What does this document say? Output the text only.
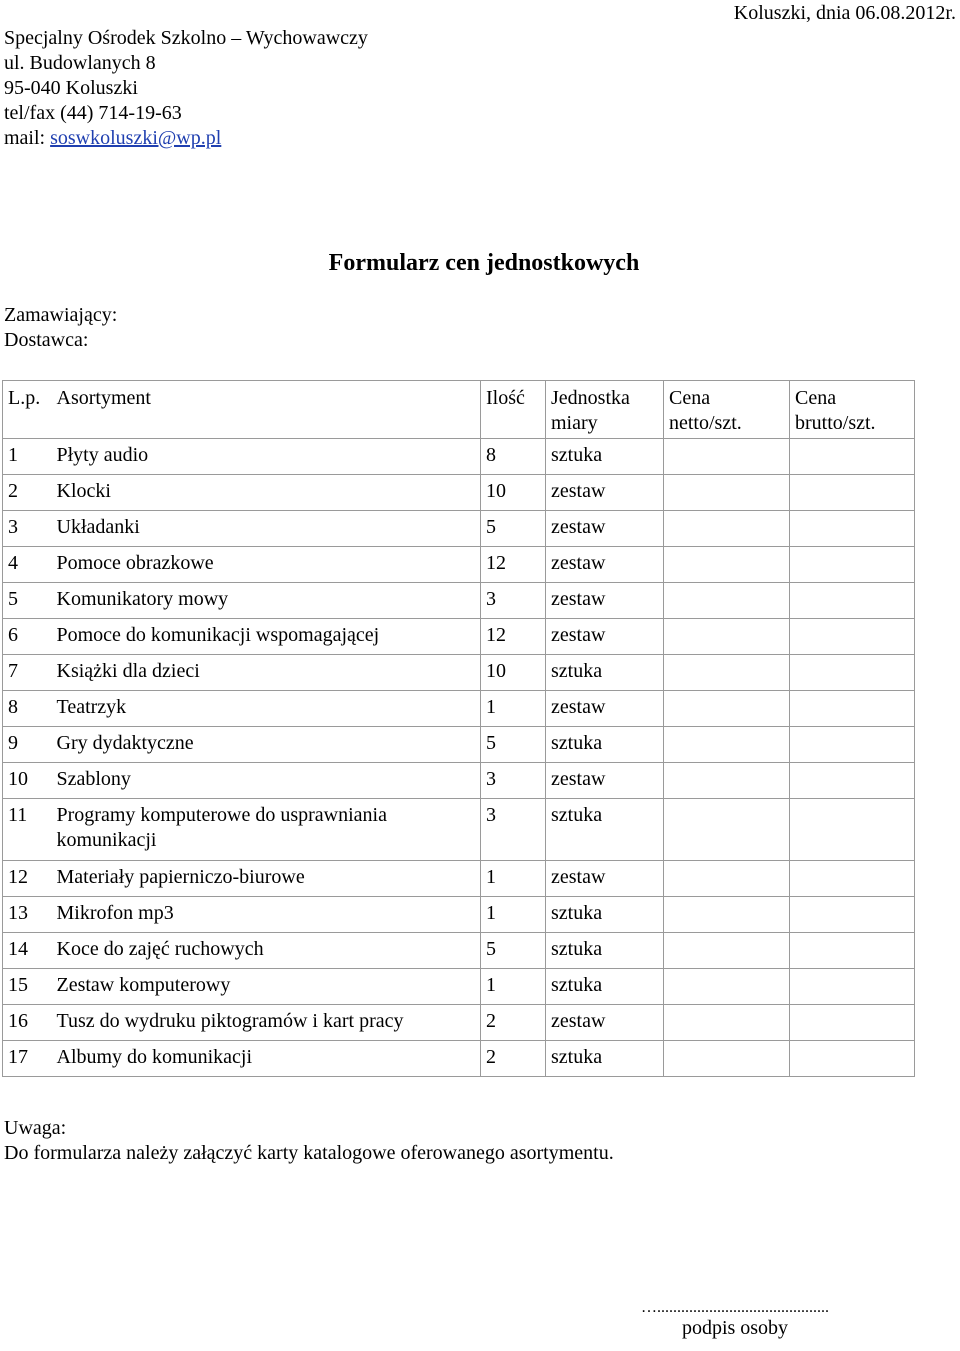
Specjalny Ośrodek Szkolno – Wychowawczy
ul. Budowlanych 8
95-040 Koluszki
tel/fax (44) 714-19-63
mail: soswkoluszki@wp.pl
Koluszki, dnia 06.08.2012r.
Formularz cen jednostkowych
Zamawiający:
Dostawca:
L.p.	Asortyment	Ilość	Jednostka miary	Cena netto/szt.	Cena brutto/szt.
1	Płyty audio	8	sztuka		
2	Klocki	10	zestaw		
3	Układanki	5	zestaw		
4	Pomoce obrazkowe	12	zestaw		
5	Komunikatory mowy	3	zestaw		
6	Pomoce do komunikacji wspomagającej	12	zestaw		
7	Książki dla dzieci	10	sztuka		
8	Teatrzyk	1	zestaw		
9	Gry dydaktyczne	5	sztuka		
10	Szablony	3	zestaw		
11	Programy komputerowe do usprawniania komunikacji	3	sztuka		
12	Materiały papierniczo-biurowe	1	zestaw		
13	Mikrofon mp3	1	sztuka		
14	Koce do zajęć ruchowych	5	sztuka		
15	Zestaw komputerowy	1	sztuka		
16	Tusz do wydruku piktogramów i kart pracy	2	zestaw		
17	Albumy do komunikacji	2	sztuka		
Uwaga:
Do formularza należy załączyć karty katalogowe oferowanego asortymentu.
…...........................................
podpis osoby
